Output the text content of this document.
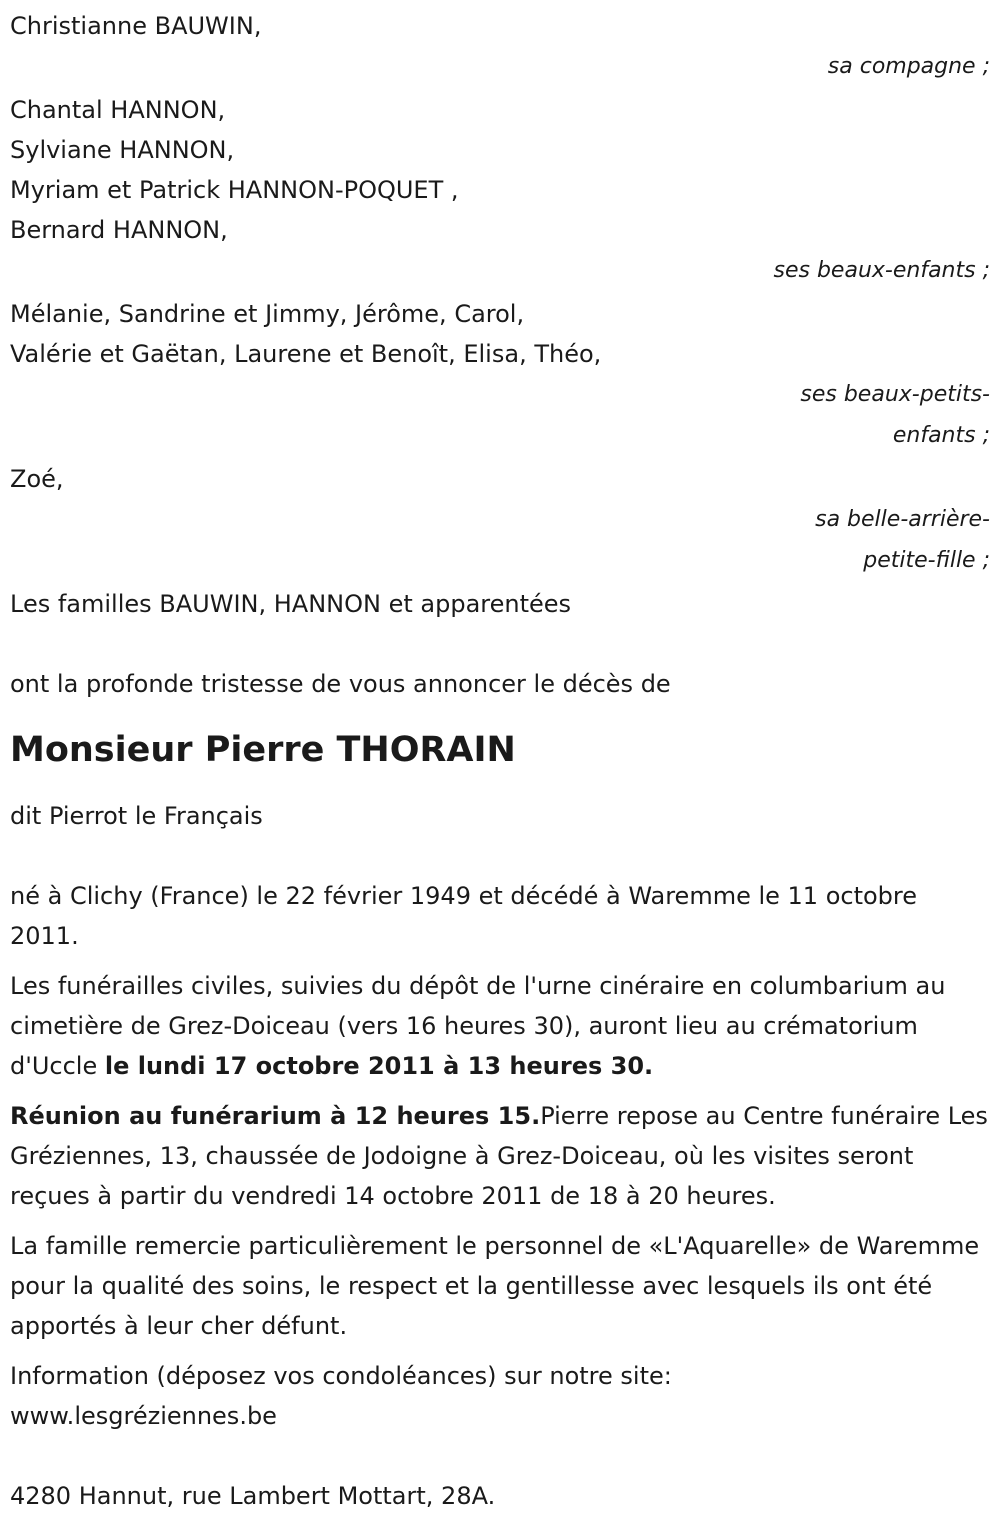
Christianne BAUWIN,
sa compagne ;
Chantal HANNON,
Sylviane HANNON,
Myriam et Patrick HANNON-POQUET ,
Bernard HANNON,
ses beaux-enfants ;
Mélanie, Sandrine et Jimmy, Jérôme, Carol,
Valérie et Gaëtan, Laurene et Benoît, Elisa, Théo,
ses beaux-petits-
enfants ;
Zoé,
sa belle-arrière-
petite-fille ;
Les familles BAUWIN, HANNON et apparentées
ont la profonde tristesse de vous annoncer le décès de
Monsieur Pierre THORAIN
dit Pierrot le Français
né à Clichy (France) le 22 février 1949 et décédé à Waremme le 11 octobre 2011.
Les funérailles civiles, suivies du dépôt de l'urne cinéraire en columbarium au cimetière de Grez-Doiceau (vers 16 heures 30), auront lieu au crématorium d'Uccle le lundi 17 octobre 2011 à 13 heures 30.
Réunion au funérarium à 12 heures 15.Pierre repose au Centre funéraire Les Gréziennes, 13, chaussée de Jodoigne à Grez-Doiceau, où les visites seront reçues à partir du vendredi 14 octobre 2011 de 18 à 20 heures.
La famille remercie particulièrement le personnel de «L'Aquarelle» de Waremme pour la qualité des soins, le respect et la gentillesse avec lesquels ils ont été apportés à leur cher défunt.
Information (déposez vos condoléances) sur notre site:
www.lesgréziennes.be
4280 Hannut, rue Lambert Mottart, 28A.
